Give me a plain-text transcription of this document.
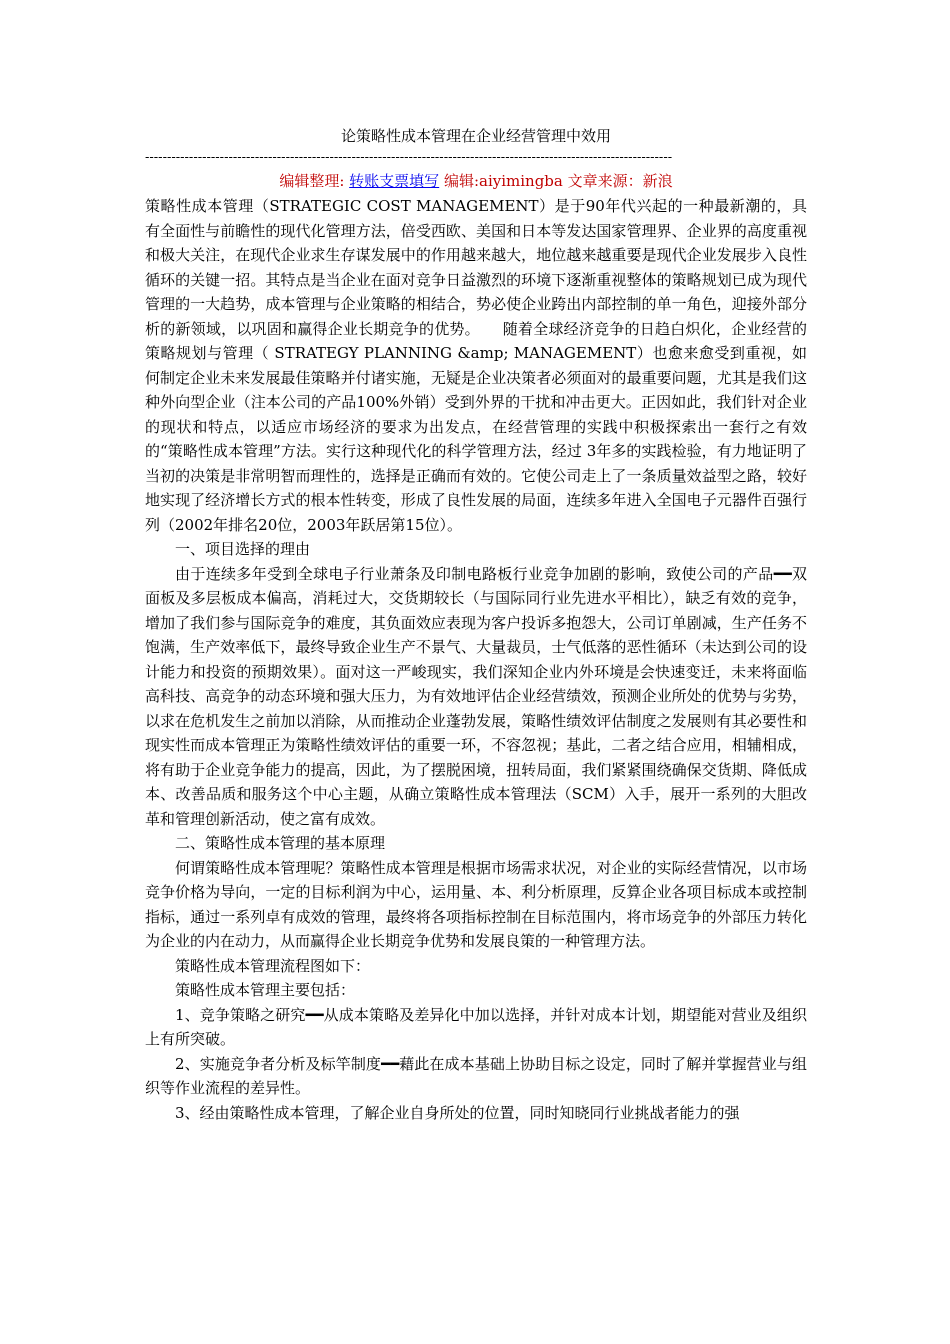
论策略性成本管理在企业经营管理中效用

------------------------------------------------------------------------------------------------------------------------

编辑整理: 转账支票填写 编辑:aiyimingba 文章来源：新浪

策略性成本管理（STRATEGIC COST MANAGEMENT）是于90年代兴起的一种最新潮的，具有全面性与前瞻性的现代化管理方法，倍受西欧、美国和日本等发达国家管理界、企业界的高度重视和极大关注，在现代企业求生存谋发展中的作用越来越大，地位越来越重要是现代企业发展步入良性循环的关键一招。其特点是当企业在面对竞争日益激烈的环境下逐渐重视整体的策略规划已成为现代管理的一大趋势，成本管理与企业策略的相结合，势必使企业跨出内部控制的单一角色，迎接外部分析的新领域，以巩固和赢得企业长期竞争的优势。　　随着全球经济竞争的日趋白炽化，企业经营的策略规划与管理（ STRATEGY PLANNING &amp; MANAGEMENT）也愈来愈受到重视，如何制定企业未来发展最佳策略并付诸实施，无疑是企业决策者必须面对的最重要问题，尤其是我们这种外向型企业（注本公司的产品100%外销）受到外界的干扰和冲击更大。正因如此，我们针对企业的现状和特点，以适应市场经济的要求为出发点，在经营管理的实践中积极探索出一套行之有效的“策略性成本管理”方法。实行这种现代化的科学管理方法，经过 3年多的实践检验，有力地证明了当初的决策是非常明智而理性的，选择是正确而有效的。它使公司走上了一条质量效益型之路，较好地实现了经济增长方式的根本性转变，形成了良性发展的局面，连续多年进入全国电子元器件百强行列（2002年排名20位，2003年跃居第15位）。

一、项目选择的理由

由于连续多年受到全球电子行业萧条及印制电路板行业竞争加剧的影响，致使公司的产品━━双面板及多层板成本偏高，消耗过大，交货期较长（与国际同行业先进水平相比），缺乏有效的竞争，增加了我们参与国际竞争的难度，其负面效应表现为客户投诉多抱怨大，公司订单剧减，生产任务不饱满，生产效率低下，最终导致企业生产不景气、大量裁员，士气低落的恶性循环（未达到公司的设计能力和投资的预期效果）。面对这一严峻现实，我们深知企业内外环境是会快速变迁，未来将面临高科技、高竞争的动态环境和强大压力，为有效地评估企业经营绩效，预测企业所处的优势与劣势，以求在危机发生之前加以消除，从而推动企业蓬勃发展，策略性绩效评估制度之发展则有其必要性和现实性而成本管理正为策略性绩效评估的重要一环，不容忽视；基此，二者之结合应用，相辅相成，将有助于企业竞争能力的提高，因此，为了摆脱困境，扭转局面，我们紧紧围绕确保交货期、降低成本、改善品质和服务这个中心主题，从确立策略性成本管理法（SCM）入手，展开一系列的大胆改革和管理创新活动，使之富有成效。

二、策略性成本管理的基本原理

何谓策略性成本管理呢？策略性成本管理是根据市场需求状况，对企业的实际经营情况，以市场竞争价格为导向，一定的目标利润为中心，运用量、本、利分析原理，反算企业各项目标成本或控制指标，通过一系列卓有成效的管理，最终将各项指标控制在目标范围内，将市场竞争的外部压力转化为企业的内在动力，从而赢得企业长期竞争优势和发展良策的一种管理方法。

策略性成本管理流程图如下：

策略性成本管理主要包括：

1、竞争策略之研究━━从成本策略及差异化中加以选择，并针对成本计划，期望能对营业及组织上有所突破。

2、实施竞争者分析及标竿制度━━藉此在成本基础上协助目标之设定，同时了解并掌握营业与组织等作业流程的差异性。

3、经由策略性成本管理，了解企业自身所处的位置，同时知晓同行业挑战者能力的强
